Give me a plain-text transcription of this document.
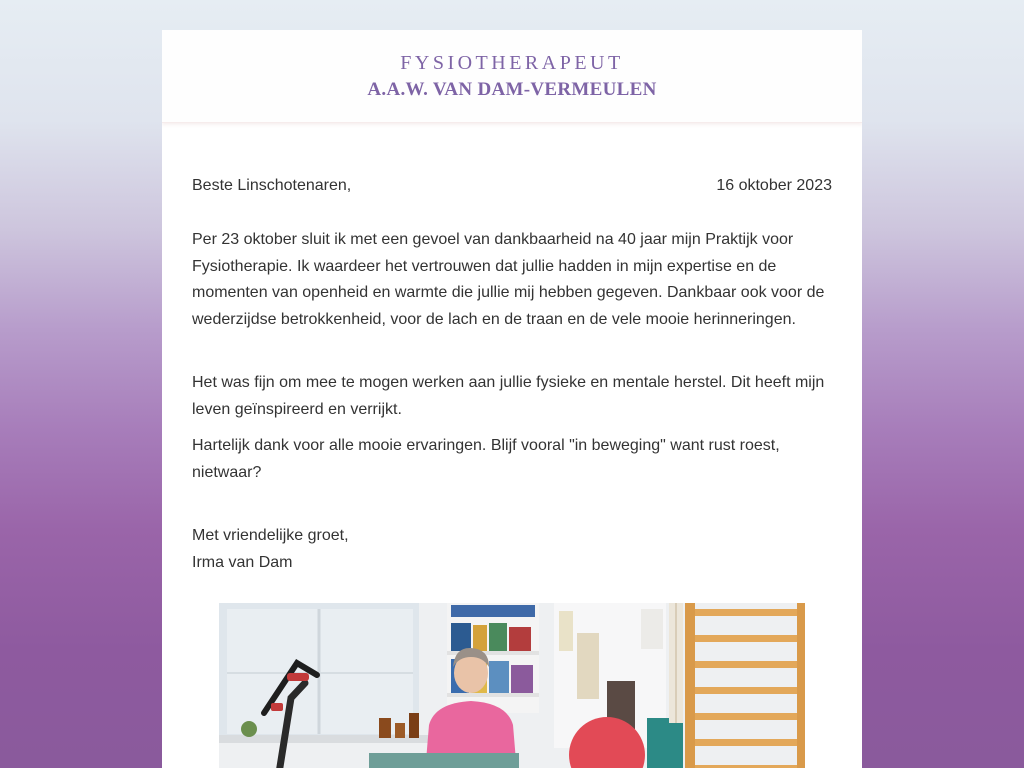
FYSIOTHERAPEUT
A.A.W. VAN DAM-VERMEULEN
Beste Linschotenaren,	16 oktober 2023

Per 23 oktober sluit ik met een gevoel van dankbaarheid na 40 jaar mijn Praktijk voor Fysiotherapie. Ik waardeer het vertrouwen dat jullie hadden in mijn expertise en de momenten van openheid en warmte die jullie mij hebben gegeven. Dankbaar ook voor de wederzijdse betrokkenheid, voor de lach en de traan en de vele mooie herinneringen.

Het was fijn om mee te mogen werken aan jullie fysieke en mentale herstel. Dit heeft mijn leven geïnspireerd en verrijkt.

Hartelijk dank voor alle mooie ervaringen. Blijf vooral "in beweging" want rust roest, nietwaar?

Met vriendelijke groet,
Irma van Dam
